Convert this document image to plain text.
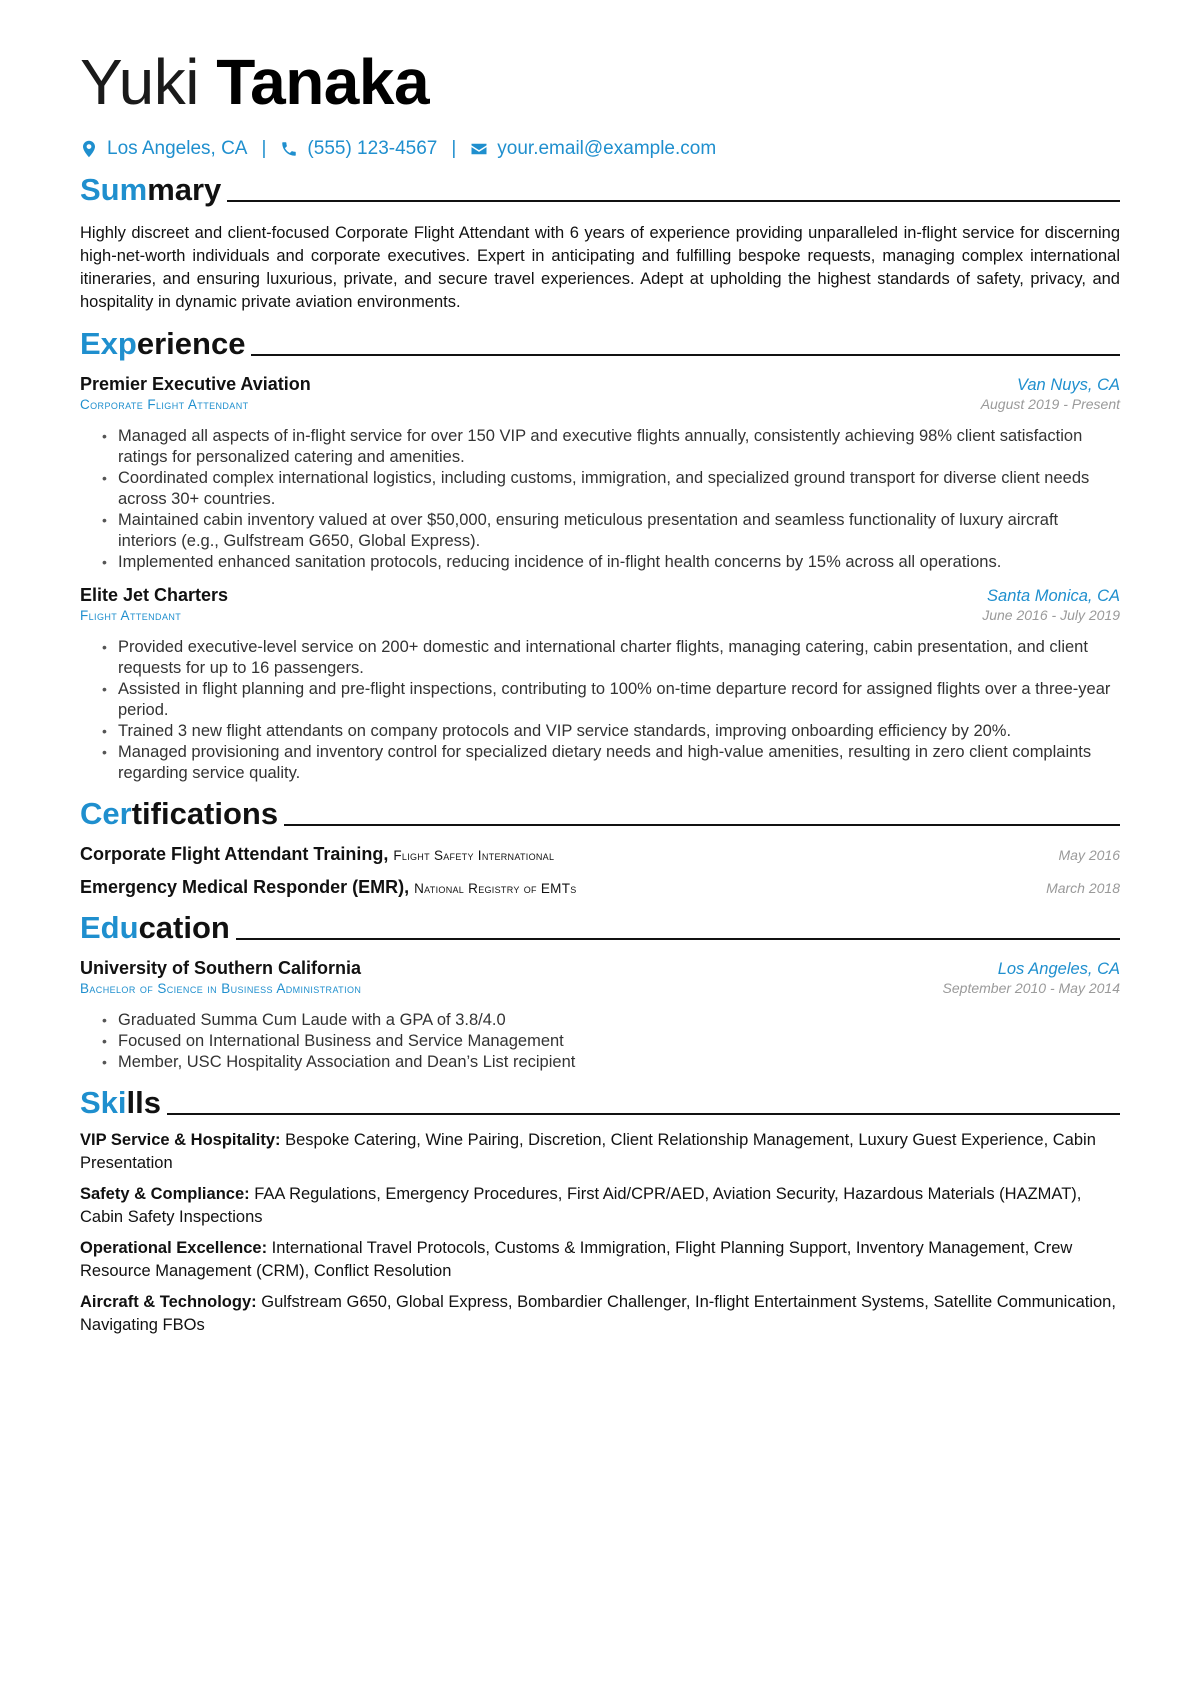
Yuki Tanaka
Los Angeles, CA | (555) 123-4567 | your.email@example.com
Summary
Highly discreet and client-focused Corporate Flight Attendant with 6 years of experience providing unparalleled in-flight service for discerning high-net-worth individuals and corporate executives. Expert in anticipating and fulfilling bespoke requests, managing complex international itineraries, and ensuring luxurious, private, and secure travel experiences. Adept at upholding the highest standards of safety, privacy, and hospitality in dynamic private aviation environments.
Experience
Premier Executive Aviation	Van Nuys, CA
Corporate Flight Attendant	August 2019 - Present
• Managed all aspects of in-flight service for over 150 VIP and executive flights annually, consistently achieving 98% client satisfaction ratings for personalized catering and amenities.
• Coordinated complex international logistics, including customs, immigration, and specialized ground transport for diverse client needs across 30+ countries.
• Maintained cabin inventory valued at over $50,000, ensuring meticulous presentation and seamless functionality of luxury aircraft interiors (e.g., Gulfstream G650, Global Express).
• Implemented enhanced sanitation protocols, reducing incidence of in-flight health concerns by 15% across all operations.
Elite Jet Charters	Santa Monica, CA
Flight Attendant	June 2016 - July 2019
• Provided executive-level service on 200+ domestic and international charter flights, managing catering, cabin presentation, and client requests for up to 16 passengers.
• Assisted in flight planning and pre-flight inspections, contributing to 100% on-time departure record for assigned flights over a three-year period.
• Trained 3 new flight attendants on company protocols and VIP service standards, improving onboarding efficiency by 20%.
• Managed provisioning and inventory control for specialized dietary needs and high-value amenities, resulting in zero client complaints regarding service quality.
Certifications
Corporate Flight Attendant Training, Flight Safety International	May 2016
Emergency Medical Responder (EMR), National Registry of EMTs	March 2018
Education
University of Southern California	Los Angeles, CA
Bachelor of Science in Business Administration	September 2010 - May 2014
• Graduated Summa Cum Laude with a GPA of 3.8/4.0
• Focused on International Business and Service Management
• Member, USC Hospitality Association and Dean’s List recipient
Skills
VIP Service & Hospitality: Bespoke Catering, Wine Pairing, Discretion, Client Relationship Management, Luxury Guest Experience, Cabin Presentation
Safety & Compliance: FAA Regulations, Emergency Procedures, First Aid/CPR/AED, Aviation Security, Hazardous Materials (HAZMAT), Cabin Safety Inspections
Operational Excellence: International Travel Protocols, Customs & Immigration, Flight Planning Support, Inventory Management, Crew Resource Management (CRM), Conflict Resolution
Aircraft & Technology: Gulfstream G650, Global Express, Bombardier Challenger, In-flight Entertainment Systems, Satellite Communication, Navigating FBOs
